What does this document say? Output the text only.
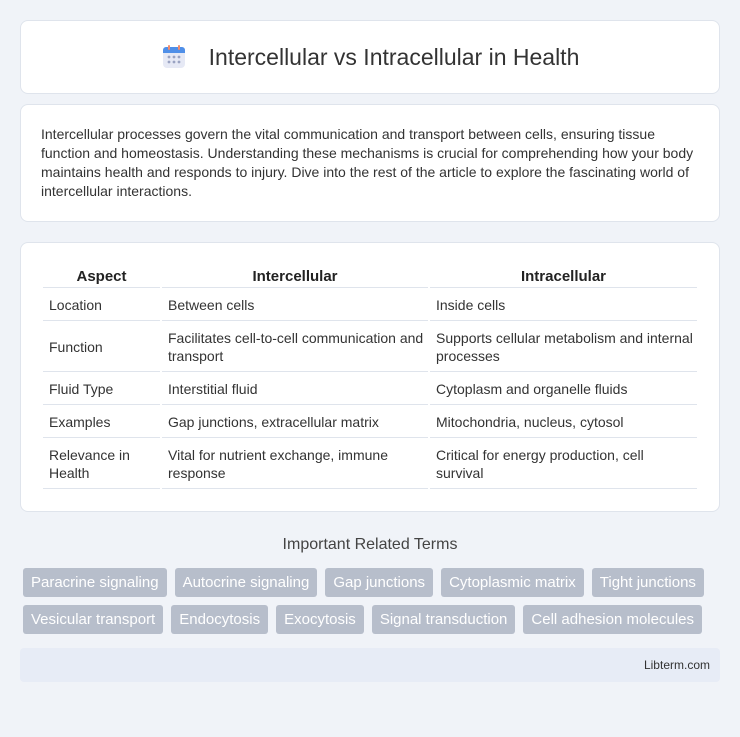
Intercellular vs Intracellular in Health

Intercellular processes govern the vital communication and transport between cells, ensuring tissue function and homeostasis. Understanding these mechanisms is crucial for comprehending how your body maintains health and responds to injury. Dive into the rest of the article to explore the fascinating world of intercellular interactions.

Aspect	Intercellular	Intracellular
Location	Between cells	Inside cells
Function	Facilitates cell-to-cell communication and transport	Supports cellular metabolism and internal processes
Fluid Type	Interstitial fluid	Cytoplasm and organelle fluids
Examples	Gap junctions, extracellular matrix	Mitochondria, nucleus, cytosol
Relevance in Health	Vital for nutrient exchange, immune response	Critical for energy production, cell survival
Important Related Terms
Paracrine signaling	Autocrine signaling	Gap junctions	Cytoplasmic matrix	Tight junctions
Vesicular transport	Endocytosis	Exocytosis	Signal transduction	Cell adhesion molecules
Libterm.com
